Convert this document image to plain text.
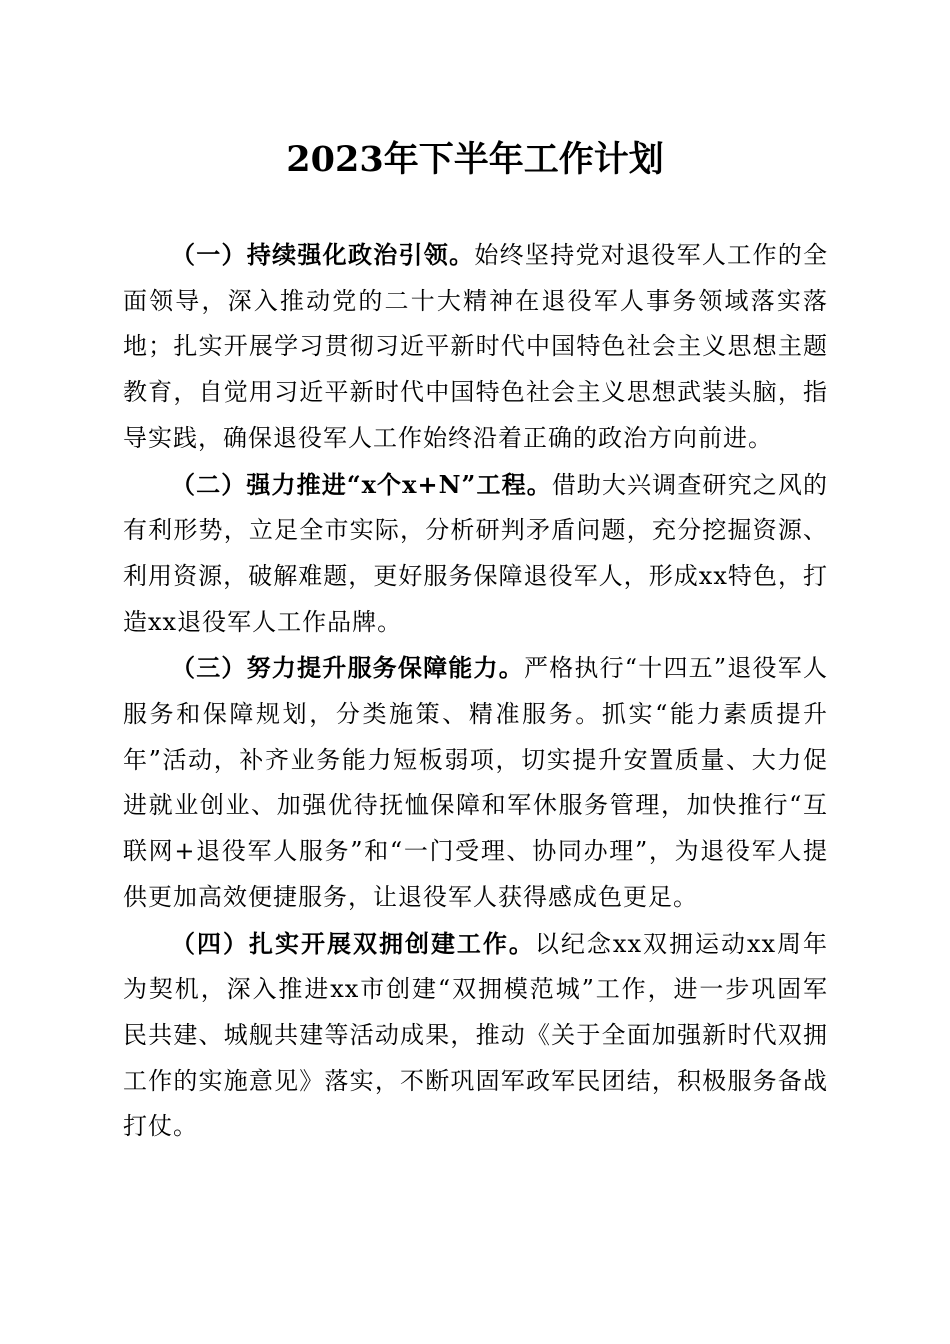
2023年下半年工作计划

（一）持续强化政治引领。始终坚持党对退役军人工作的全面领导，深入推动党的二十大精神在退役军人事务领域落实落地；扎实开展学习贯彻习近平新时代中国特色社会主义思想主题教育，自觉用习近平新时代中国特色社会主义思想武装头脑，指导实践，确保退役军人工作始终沿着正确的政治方向前进。

（二）强力推进“x个x+N”工程。借助大兴调查研究之风的有利形势，立足全市实际，分析研判矛盾问题，充分挖掘资源、利用资源，破解难题，更好服务保障退役军人，形成xx特色，打造xx退役军人工作品牌。

（三）努力提升服务保障能力。严格执行“十四五”退役军人服务和保障规划，分类施策、精准服务。抓实“能力素质提升年”活动，补齐业务能力短板弱项，切实提升安置质量、大力促进就业创业、加强优待抚恤保障和军休服务管理，加快推行“互联网+退役军人服务”和“一门受理、协同办理”，为退役军人提供更加高效便捷服务，让退役军人获得感成色更足。

（四）扎实开展双拥创建工作。以纪念xx双拥运动xx周年为契机，深入推进xx市创建“双拥模范城”工作，进一步巩固军民共建、城舰共建等活动成果，推动《关于全面加强新时代双拥工作的实施意见》落实，不断巩固军政军民团结，积极服务备战打仗。
